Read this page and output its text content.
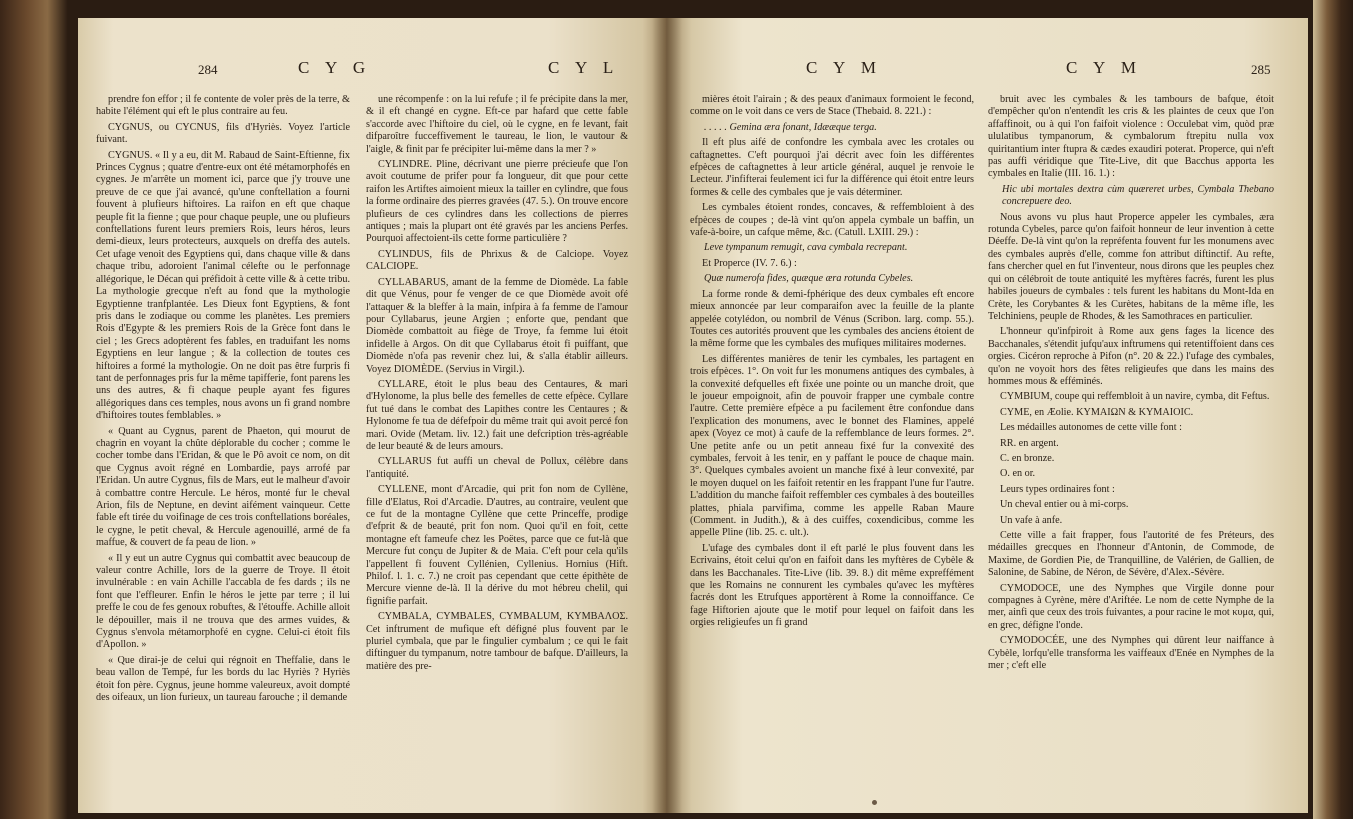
284	C Y G	C Y L

prendre fon effor ; il fe contente de voler près de la terre, & habite l'élément qui eft le plus contraire au feu.

CYGNUS, ou CYCNUS, fils d'Hyriès. Voyez l'article fuivant.

CYGNUS. « Il y a eu, dit M. Rabaud de Saint-Eftienne, fix Princes Cygnus ; quatre d'entre-eux ont été métamorphofés en cygnes. Je m'arrête un moment ici, parce que j'y trouve une preuve de ce que j'ai avancé, qu'une conftellation a fourni fouvent à plufieurs hiftoires. La raifon en eft que chaque peuple fit la fienne ; que pour chaque peuple, une ou plufieurs conftellations furent leurs premiers Rois, leurs héros, leurs demi-dieux, leurs protecteurs, auxquels on dreffa des autels. Cet ufage venoit des Egyptiens qui, dans chaque ville & dans chaque tribu, adoroient l'animal célefte ou le perfonnage allégorique, le Décan qui préfidoit à cette ville & à cette tribu. La mythologie grecque n'eft au fond que la mythologie Egyptienne tranfplantée. Les Dieux font Egyptiens, & font pris dans le zodiaque ou comme les planètes. Les premiers Rois d'Egypte & les premiers Rois de la Grèce font dans le ciel ; les Grecs adoptèrent fes fables, en traduifant les noms Egyptiens en leur langue ; & la collection de toutes ces hiftoires a formé la mythologie. On ne doit pas être furpris fi tant de perfonnages pris fur la même tapifferie, font parens les uns des autres, & fi chaque peuple ayant fes figures allégoriques dans ces temples, nous avons un fi grand nombre d'hiftoires toutes femblables. »

« Quant au Cygnus, parent de Phaeton, qui mourut de chagrin en voyant la chûte déplorable du cocher ; comme le cocher tombe dans l'Eridan, & que le Pô avoit ce nom, on dit que Cygnus avoit régné en Lombardie, pays arrofé par l'Eridan. Un autre Cygnus, fils de Mars, eut le malheur d'avoir à combattre contre Hercule. Le héros, monté fur le cheval Arion, fils de Neptune, en devint aifément vainqueur. Cette fable eft tirée du voifinage de ces trois conftellations boréales, le cygne, le petit cheval, & Hercule agenouillé, armé de fa maffue, & couvert de fa peau de lion. »

« Il y eut un autre Cygnus qui combattit avec beaucoup de valeur contre Achille, lors de la guerre de Troye. Il étoit invulnérable : en vain Achille l'accabla de fes dards ; ils ne font que l'effleurer. Enfin le héros le jette par terre ; il lui preffe le cou de fes genoux robuftes, & l'étouffe. Achille alloit le dépouiller, mais il ne trouva que des armes vuides, & Cygnus s'envola métamorphofé en cygne. Celui-ci étoit fils d'Apollon. »

« Que dirai-je de celui qui régnoit en Theffalie, dans le beau vallon de Tempé, fur les bords du lac Hyriès ? Hyriès étoit fon père. Cygnus, jeune homme valeureux, avoit dompté des oifeaux, un lion furieux, un taureau farouche ; il demande

une récompenfe : on la lui refufe ; il fe précipite dans la mer, & il eft changé en cygne. Eft-ce par hafard que cette fable s'accorde avec l'hiftoire du ciel, où le cygne, en fe levant, fait difparoître fucceffivement le taureau, le lion, le vautour & l'aigle, & finit par fe précipiter lui-même dans la mer ? »

CYLINDRE. Pline, décrivant une pierre précieufe que l'on avoit coutume de prifer pour fa longueur, dit que pour cette raifon les Artiftes aimoient mieux la tailler en cylindre, que fous la forme ordinaire des pierres gravées (47. 5.). On trouve encore plufieurs de ces cylindres dans les collections de pierres antiques ; mais la plupart ont été gravés par les anciens Perfes. Pourquoi affectoient-ils cette forme particulière ?

CYLINDUS, fils de Phrixus & de Calciope. Voyez CALCIOPE.

CYLLABARUS, amant de la femme de Diomède. La fable dit que Vénus, pour fe venger de ce que Diomède avoit ofé l'attaquer & la bleffer à la main, infpira à fa femme de l'amour pour Cyllabarus, jeune Argien ; enforte que, pendant que Diomède combattoit au fiège de Troye, fa femme lui étoit infidelle à Argos. On dit que Cyllabarus étoit fi puiffant, que Diomède n'ofa pas revenir chez lui, & s'alla établir ailleurs. Voyez DIOMÈDE. (Servius in Virgil.).

CYLLARE, étoit le plus beau des Centaures, & mari d'Hylonome, la plus belle des femelles de cette efpèce. Cyllare fut tué dans le combat des Lapithes contre les Centaures ; & Hylonome fe tua de défefpoir du même trait qui avoit percé fon mari. Ovide (Metam. liv. 12.) fait une defcription très-agréable de leur beauté & de leurs amours.

CYLLARUS fut auffi un cheval de Pollux, célèbre dans l'antiquité.

CYLLENE, mont d'Arcadie, qui prit fon nom de Cyllène, fille d'Elatus, Roi d'Arcadie. D'autres, au contraire, veulent que ce fut de la montagne Cyllène que cette Princeffe, prodige d'efprit & de beauté, prit fon nom. Quoi qu'il en foit, cette montagne eft fameufe chez les Poëtes, parce que ce fut-là que Mercure fut conçu de Jupiter & de Maia. C'eft pour cela qu'ils l'appellent fi fouvent Cyllénien, Cyllenius. Hornius (Hift. Philof. l. 1. c. 7.) ne croit pas cependant que cette épithète de Mercure vienne de-là. Il la dérive du mot hébreu chelil, qui fignifie parfait.

CYMBALA, CYMBALES, CYMBALUM, KYMBAΛOΣ. Cet inftrument de mufique eft défigné plus fouvent par le pluriel cymbala, que par le fingulier cymbalum ; ce qui le fait diftinguer du tympanum, notre tambour de bafque. D'ailleurs, la matière des pre-

C Y M	C Y M	285

mières étoit l'airain ; & des peaux d'animaux formoient le fecond, comme on le voit dans ce vers de Stace (Thebaid. 8. 221.) :

. . . . . Gemina æra fonant, Idææque terga.

Il eft plus aifé de confondre les cymbala avec les crotales ou caftagnettes. C'eft pourquoi j'ai décrit avec foin les différentes efpèces de caftagnettes à leur article général, auquel je renvoie le Lecteur. J'infifterai feulement ici fur la différence qui étoit entre leurs formes & celle des cymbales que je vais déterminer.

Les cymbales étoient rondes, concaves, & reffembloient à des efpèces de coupes ; de-là vint qu'on appela cymbale un baffin, un vafe-à-boire, un cafque même, &c. (Catull. LXIII. 29.) :

Leve tympanum remugit, cava cymbala recrepant.

Et Properce (IV. 7. 6.) :

Quæ numerofa fides, quæque æra rotunda Cybeles.

La forme ronde & demi-fphérique des deux cymbales eft encore mieux annoncée par leur comparaifon avec la feuille de la plante appelée cotylédon, ou nombril de Vénus (Scribon. larg. comp. 55.). Toutes ces autorités prouvent que les cymbales des anciens étoient de la même forme que les cymbales des mufiques militaires modernes.

Les différentes manières de tenir les cymbales, les partagent en trois efpèces. 1°. On voit fur les monumens antiques des cymbales, à la convexité defquelles eft fixée une pointe ou un manche droit, que le joueur empoignoit, afin de pouvoir frapper une cymbale contre l'autre. Cette première efpèce a pu facilement être confondue dans l'explication des monumens, avec le bonnet des Flamines, appelé apex (Voyez ce mot) à caufe de la reffemblance de leurs formes. 2°. Une petite anfe ou un petit anneau fixé fur la convexité des cymbales, fervoit à les tenir, en y paffant le pouce de chaque main. 3°. Quelques cymbales avoient un manche fixé à leur convexité, par le moyen duquel on les faifoit retentir en les frappant l'une fur l'autre. L'addition du manche faifoit reffembler ces cymbales à des bouteilles plattes, phiala parvifima, comme les appelle Raban Maure (Comment. in Judith.), & à des cuiffes, coxendicibus, comme les appelle Pline (lib. 25. c. ult.).

L'ufage des cymbales dont il eft parlé le plus fouvent dans les Ecrivains, étoit celui qu'on en faifoit dans les myftères de Cybèle & dans les Bacchanales. Tite-Live (lib. 39. 8.) dit même expreffément que les Romains ne connurent les cymbales qu'avec les myftères facrés dont les Etrufques apportèrent à Rome la connoiffance. Ce fage Hiftorien ajoute que le motif pour lequel on faifoit dans les orgies religieufes un fi grand

bruit avec les cymbales & les tambours de bafque, étoit d'empêcher qu'on n'entendît les cris & les plaintes de ceux que l'on affaffinoit, ou à qui l'on faifoit violence : Occulebat vim, quòd præ ululatibus tympanorum, & cymbalorum ftrepitu nulla vox quiritantium inter ftupra & cædes exaudiri poterat. Properce, qui n'eft pas auffi véridique que Tite-Live, dit que Bacchus apporta les cymbales en Italie (III. 16. 1.) :

Hic ubi mortales dextra cùm quæreret urbes, Cymbala Thebano concrepuere deo.

Nous avons vu plus haut Properce appeler les cymbales, æra rotunda Cybeles, parce qu'on faifoit honneur de leur invention à cette Déeffe. De-là vint qu'on la repréfenta fouvent fur les monumens avec des cymbales auprès d'elle, comme fon attribut diftinctif. Au refte, fans chercher quel en fut l'inventeur, nous dirons que les peuples chez qui on célébroit de toute antiquité les myftères facrés, furent les plus habiles joueurs de cymbales : tels furent les habitans du Mont-Ida en Crète, les Corybantes & les Curètes, habitans de la même ifle, les Telchiniens, peuple de Rhodes, & les Samothraces en particulier.

L'honneur qu'infpiroit à Rome aux gens fages la licence des Bacchanales, s'étendit jufqu'aux inftrumens qui retentiffoient dans ces orgies. Cicéron reproche à Pifon (n°. 20 & 22.) l'ufage des cymbales, qu'on ne voyoit hors des fêtes religieufes que dans les mains des hommes mous & efféminés.

CYMBIUM, coupe qui reffembloit à un navire, cymba, dit Feftus.

CYME, en Æolie. KYMAIΩN & KYMAIOIC.

Les médailles autonomes de cette ville font :

RR. en argent.

C. en bronze.

O. en or.

Leurs types ordinaires font :

Un cheval entier ou à mi-corps.

Un vafe à anfe.

Cette ville a fait frapper, fous l'autorité de fes Préteurs, des médailles grecques en l'honneur d'Antonin, de Commode, de Maxime, de Gordien Pie, de Tranquilline, de Valérien, de Gallien, de Salonine, de Sabine, de Néron, de Sévère, d'Alex.-Sévère.

CYMODOCE, une des Nymphes que Virgile donne pour compagnes à Cyrène, mère d'Ariftée. Le nom de cette Nymphe de la mer, ainfi que ceux des trois fuivantes, a pour racine le mot κυμα, qui, en grec, défigne l'onde.

CYMODOCÉE, une des Nymphes qui dûrent leur naiffance à Cybèle, lorfqu'elle transforma les vaiffeaux d'Enée en Nymphes de la mer ; c'eft elle
